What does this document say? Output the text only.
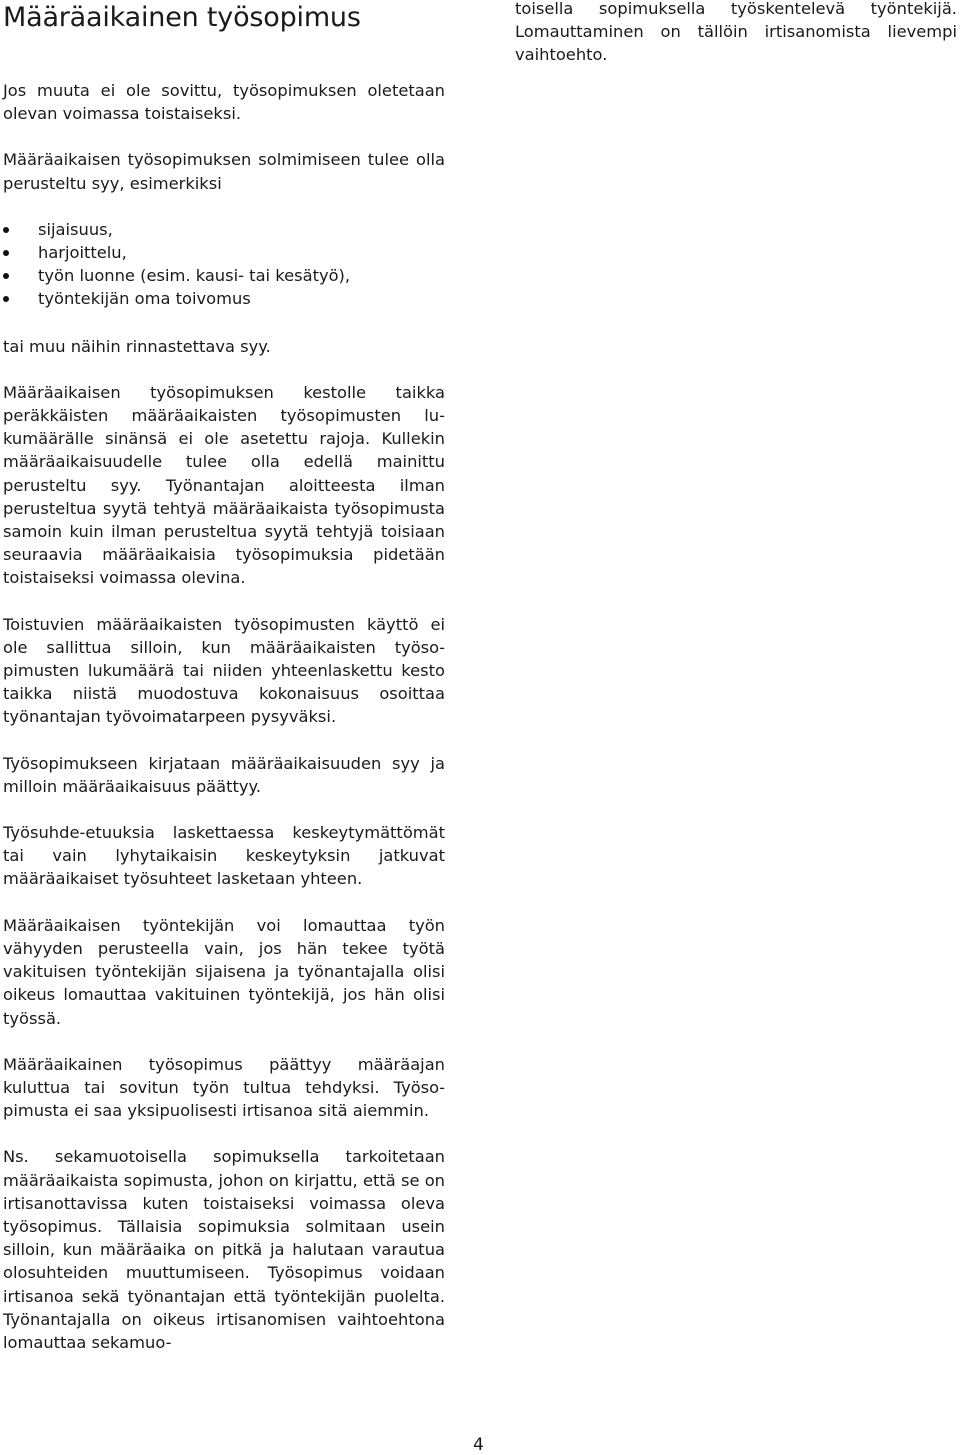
Määräaikainen työsopimus

Jos muuta ei ole sovittu, työsopimuksen oletetaan olevan voimassa toistaiseksi.

Määräaikaisen työsopimuksen solmimiseen tulee olla perusteltu syy, esimerkiksi

sijaisuus,
harjoittelu,
työn luonne (esim. kausi- tai kesätyö),
työntekijän oma toivomus

tai muu näihin rinnastettava syy.

Määräaikaisen työsopimuksen kestolle taikka peräkkäisten määräaikaisten työsopimusten lukumäärälle sinänsä ei ole asetettu rajoja. Kullekin määräaikaisuudelle tulee olla edellä mainittu perusteltu syy. Työnantajan aloitteesta ilman perusteltua syytä tehtyä määräaikaista työsopimusta samoin kuin ilman perusteltua syytä tehtyjä toisiaan seuraavia määräaikaisia työsopimuksia pidetään toistaiseksi voimassa olevina.

Toistuvien määräaikaisten työsopimusten käyttö ei ole sallittua silloin, kun määräaikaisten työsopimusten lukumäärä tai niiden yhteenlaskettu kesto taikka niistä muodostuva kokonaisuus osoittaa työnantajan työvoimatarpeen pysyväksi.

Työsopimukseen kirjataan määräaikaisuuden syy ja milloin määräaikaisuus päättyy.

Työsuhde-etuuksia laskettaessa keskeytymättömät tai vain lyhytaikaisin keskeytyksin jatkuvat määräaikaiset työsuhteet lasketaan yhteen.

Määräaikaisen työntekijän voi lomauttaa työn vähyyden perusteella vain, jos hän tekee työtä vakituisen työntekijän sijaisena ja työnantajalla olisi oikeus lomauttaa vakituinen työntekijä, jos hän olisi työssä.

Määräaikainen työsopimus päättyy määräajan kuluttua tai sovitun työn tultua tehdyksi. Työsopimusta ei saa yksipuolisesti irtisanoa sitä aiemmin.

Ns. sekamuotoisella sopimuksella tarkoitetaan määräaikaista sopimusta, johon on kirjattu, että se on irtisanottavissa kuten toistaiseksi voimassa oleva työsopimus. Tällaisia sopimuksia solmitaan usein silloin, kun määräaika on pitkä ja halutaan varautua olosuhteiden muuttumiseen. Työsopimus voidaan irtisanoa sekä työnantajan että työntekijän puolelta. Työnantajalla on oikeus irtisanomisen vaihtoehtona lomauttaa sekamuo-

toisella sopimuksella työskentelevä työntekijä. Lomauttaminen on tällöin irtisanomista lievempi vaihtoehto.

4
